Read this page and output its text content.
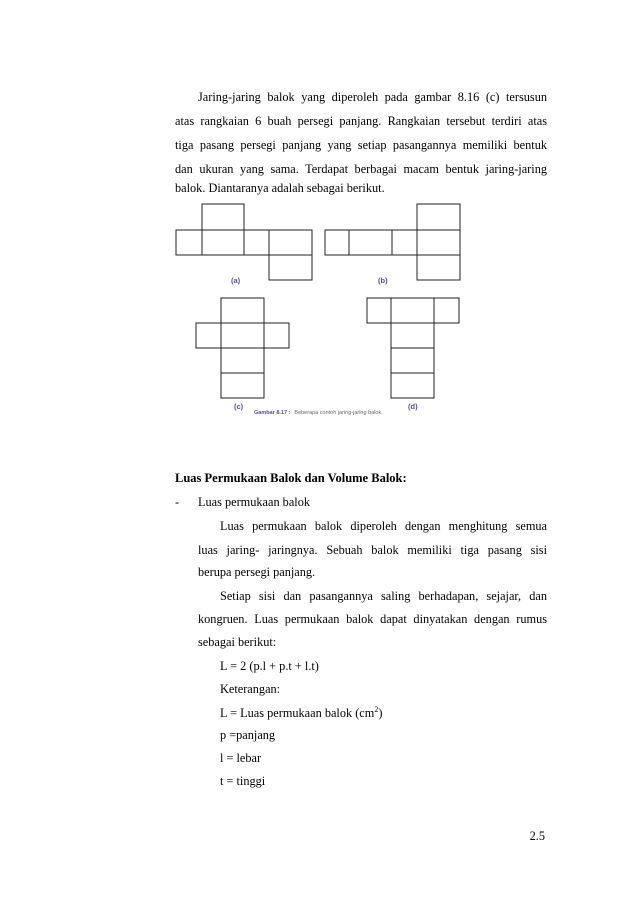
Jaring-jaring balok yang diperoleh pada gambar 8.16 (c) tersusun

atas rangkaian 6 buah persegi panjang. Rangkaian tersebut terdiri atas

tiga pasang persegi panjang yang setiap pasangannya memiliki bentuk

dan ukuran yang sama. Terdapat berbagai macam bentuk jaring-jaring

balok. Diantaranya adalah sebagai berikut.

(a)	(b)
(c)	(d)
Gambar 8.17 : Beberapa contoh jaring-jaring balok.

Luas Permukaan Balok dan Volume Balok:

- Luas permukaan balok

Luas permukaan balok diperoleh dengan menghitung semua

luas jaring- jaringnya. Sebuah balok memiliki tiga pasang sisi

berupa persegi panjang.

Setiap sisi dan pasangannya saling berhadapan, sejajar, dan

kongruen. Luas permukaan balok dapat dinyatakan dengan rumus

sebagai berikut:

L = 2 (p.l + p.t + l.t)

Keterangan:

L = Luas permukaan balok $(cm^2)$

p =panjang

l = lebar

t = tinggi

2.5
